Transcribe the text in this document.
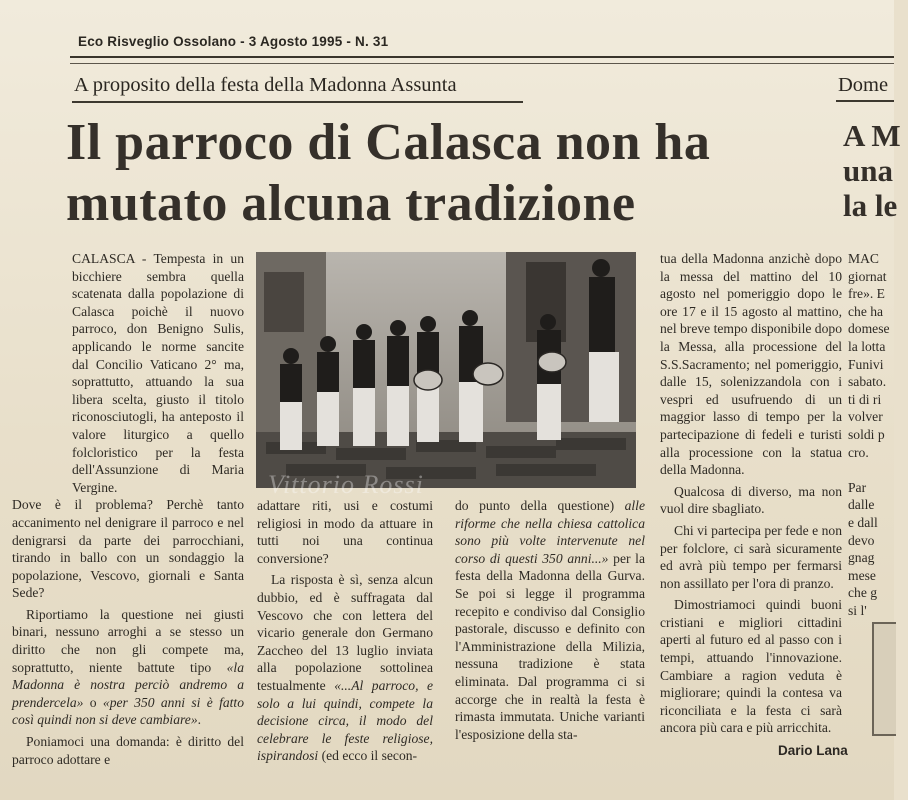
Eco Risveglio Ossolano - 3 Agosto 1995 - N. 31
A proposito della festa della Madonna Assunta	Dome
Il parroco di Calasca non ha mutato alcuna tradizione
A M
una
la le

CALASCA - Tempesta in un bicchiere sembra quella scatenata dalla popolazione di Calasca poichè il nuovo parroco, don Benigno Sulis, applicando le norme sancite dal Concilio Vaticano 2° ma, soprattutto, attuando la sua libera scelta, giusto il titolo riconosciutogli, ha anteposto il valore liturgico a quello folcloristico per la festa dell'Assunzione di Maria Vergine.

Dove è il problema? Perchè tanto accanimento nel denigrare il parroco e nel denigrarsi da parte dei parrocchiani, tirando in ballo con un sondaggio la popolazione, Vescovo, giornali e Santa Sede?

Riportiamo la questione nei giusti binari, nessuno arroghi a se stesso un diritto che non gli compete ma, soprattutto, niente battute tipo «la Madonna è nostra perciò andremo a prendercela» o «per 350 anni si è fatto così quindi non si deve cambiare».

Poniamoci una domanda: è diritto del parroco adottare e

Vittorio Rossi

adattare riti, usi e costumi religiosi in modo da attuare in tutti noi una continua conversione?

La risposta è sì, senza alcun dubbio, ed è suffragata dal Vescovo che con lettera del vicario generale don Germano Zaccheo del 13 luglio inviata alla popolazione sottolinea testualmente «...Al parroco, e solo a lui quindi, compete la decisione circa, il modo del celebrare le feste religiose, ispirandosi (ed ecco il secon-

do punto della questione) alle riforme che nella chiesa cattolica sono più volte intervenute nel corso di questi 350 anni...» per la festa della Madonna della Gurva. Se poi si legge il programma recepito e condiviso dal Consiglio pastorale, discusso e definito con l'Amministrazione della Milizia, nessuna tradizione è stata eliminata. Dal programma ci si accorge che in realtà la festa è rimasta immutata. Uniche varianti l'esposizione della sta-

tua della Madonna anzichè dopo la messa del mattino del 10 agosto nel pomeriggio dopo le ore 17 e il 15 agosto al mattino, nel breve tempo disponibile dopo la Messa, alla processione del S.S.Sacramento; nel pomeriggio, dalle 15, solenizzandola con i vespri ed usufruendo di un maggior lasso di tempo per la partecipazione di fedeli e turisti alla processione con la statua della Madonna.

Qualcosa di diverso, ma non vuol dire sbagliato.

Chi vi partecipa per fede e non per folclore, ci sarà sicuramente ed avrà più tempo per fermarsi non assillato per l'ora di pranzo.

Dimostriamoci quindi buoni cristiani e migliori cittadini aperti al futuro ed al passo con i tempi, attuando l'innovazione. Cambiare a ragion veduta è migliorare; quindi la contesa va riconciliata e la festa ci sarà ancora più cara e più arricchita.

Dario Lana
MAC
giornat
fre». E
che ha
domese
la lotta
Funivi
sabato.
ti di ri
volver
soldi p
cro.

Par
dalle
e dall
devo
gnag
mese
che g
si l'
